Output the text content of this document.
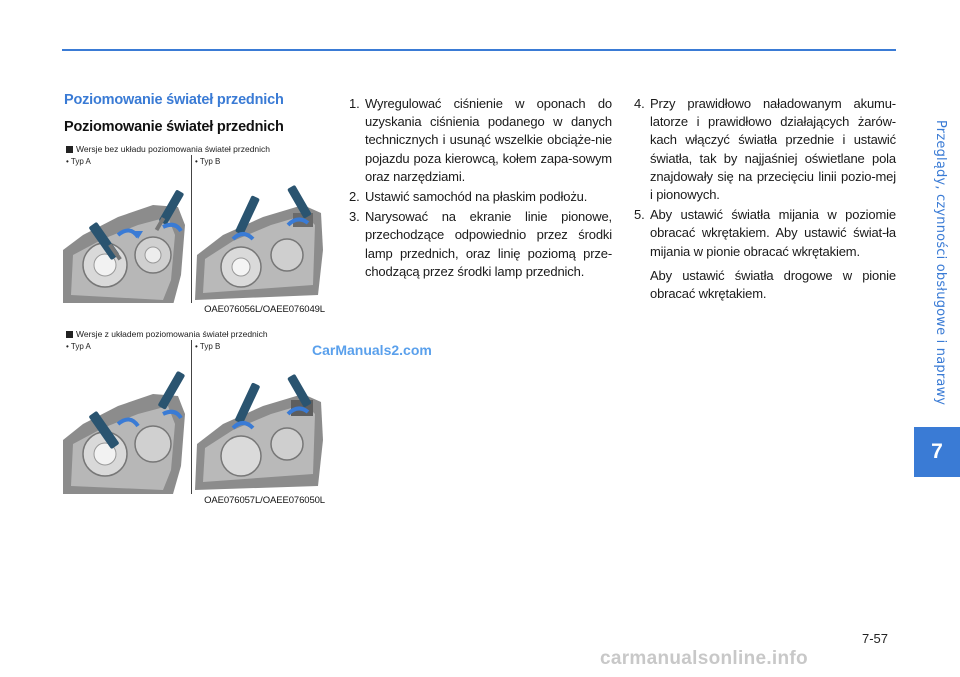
Przeglądy, czynności obsługowe i naprawy
7
Poziomowanie świateł przednich
Poziomowanie świateł przednich
Wersje bez układu poziomowania świateł przednich
• Typ A	• Typ B
OAE076056L/OAEE076049L
Wersje z układem poziomowania świateł przednich
• Typ A	• Typ B
OAE076057L/OAEE076050L
1. Wyregulować ciśnienie w oponach do uzyskania ciśnienia podanego w danych technicznych i usunąć wszelkie obciąże-nie pojazdu poza kierowcą, kołem zapa-sowym oraz narzędziami.
2. Ustawić samochód na płaskim podłożu.
3. Narysować na ekranie linie pionowe, przechodzące odpowiednio przez środki lamp przednich, oraz linię poziomą prze-chodzącą przez środki lamp przednich.
4. Przy prawidłowo naładowanym akumu-latorze i prawidłowo działających żarów-kach włączyć światła przednie i ustawić światła, tak by najjaśniej oświetlane pola znajdowały się na przecięciu linii pozio-mej i pionowych.
5. Aby ustawić światła mijania w poziomie obracać wkrętakiem. Aby ustawić świat-ła mijania w pionie obracać wkrętakiem.
Aby ustawić światła drogowe w pionie obracać wkrętakiem.
CarManuals2.com
7-57
carmanualsonline.info
